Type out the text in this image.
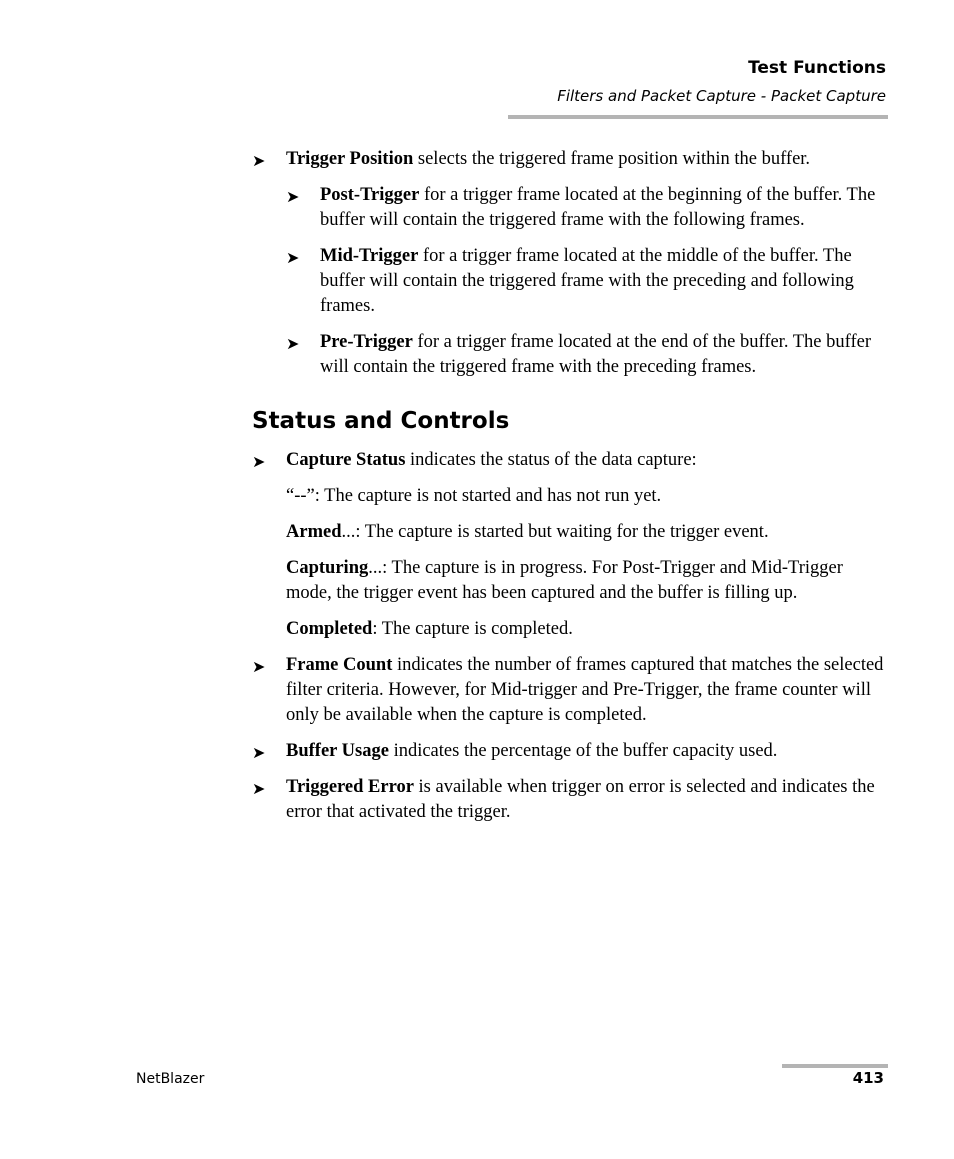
Test Functions
Filters and Packet Capture - Packet Capture
➤	Trigger Position selects the triggered frame position within the buffer.
➤	Post-Trigger for a trigger frame located at the beginning of the buffer. The buffer will contain the triggered frame with the following frames.
➤	Mid-Trigger for a trigger frame located at the middle of the buffer. The buffer will contain the triggered frame with the preceding and following frames.
➤	Pre-Trigger for a trigger frame located at the end of the buffer. The buffer will contain the triggered frame with the preceding frames.
Status and Controls
➤	Capture Status indicates the status of the data capture:
“--”: The capture is not started and has not run yet.
Armed...: The capture is started but waiting for the trigger event.
Capturing...: The capture is in progress. For Post-Trigger and Mid-Trigger mode, the trigger event has been captured and the buffer is filling up.
Completed: The capture is completed.
➤	Frame Count indicates the number of frames captured that matches the selected filter criteria. However, for Mid-trigger and Pre-Trigger, the frame counter will only be available when the capture is completed.
➤	Buffer Usage indicates the percentage of the buffer capacity used.
➤	Triggered Error is available when trigger on error is selected and indicates the error that activated the trigger.
NetBlazer	413
